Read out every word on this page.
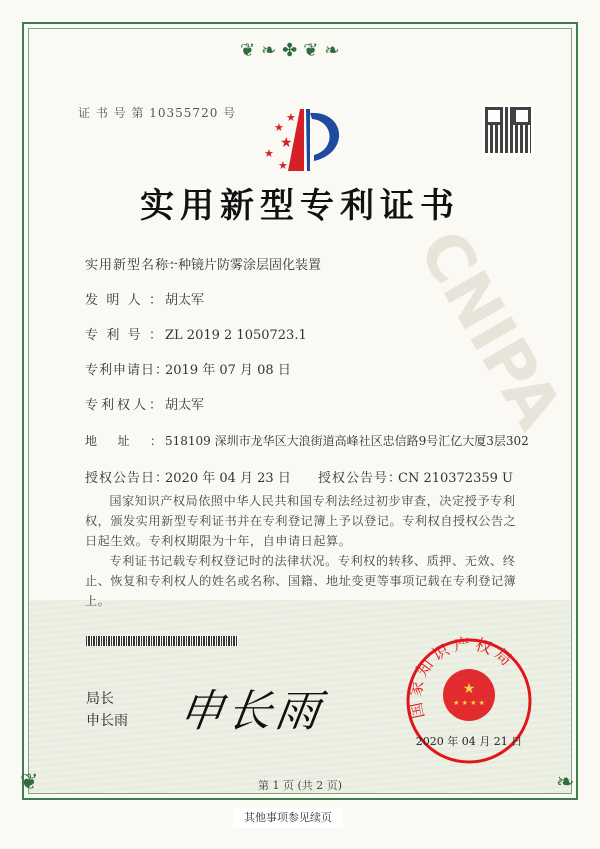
❦❧✤❦❧
❦	❧
CNIPA
证 书 号 第 10355720 号	★
★
★
★
★
实用新型专利证书
实用新型名称：一种镜片防雾涂层固化装置
发明人： 胡太军
专利号： ZL 2019 2 1050723.1
专利申请日：2019 年 07 月 08 日
专利权人： 胡太军
地址： 518109 深圳市龙华区大浪街道高峰社区忠信路9号汇亿大厦3层302
授权公告日：2020 年 04 月 23 日 授权公告号：CN 210372359 U

国家知识产权局依照中华人民共和国专利法经过初步审查，决定授予专利权，颁发实用新型专利证书并在专利登记簿上予以登记。专利权自授权公告之日起生效。专利权期限为十年，自申请日起算。

专利证书记载专利权登记时的法律状况。专利权的转移、质押、无效、终止、恢复和专利权人的姓名或名称、国籍、地址变更等事项记载在专利登记簿上。

局长
申长雨 申长雨	国家知识产权局
★
★ ★ ★ ★
2020 年 04 月 21 日
第 1 页 (共 2 页)
其他事项参见续页
